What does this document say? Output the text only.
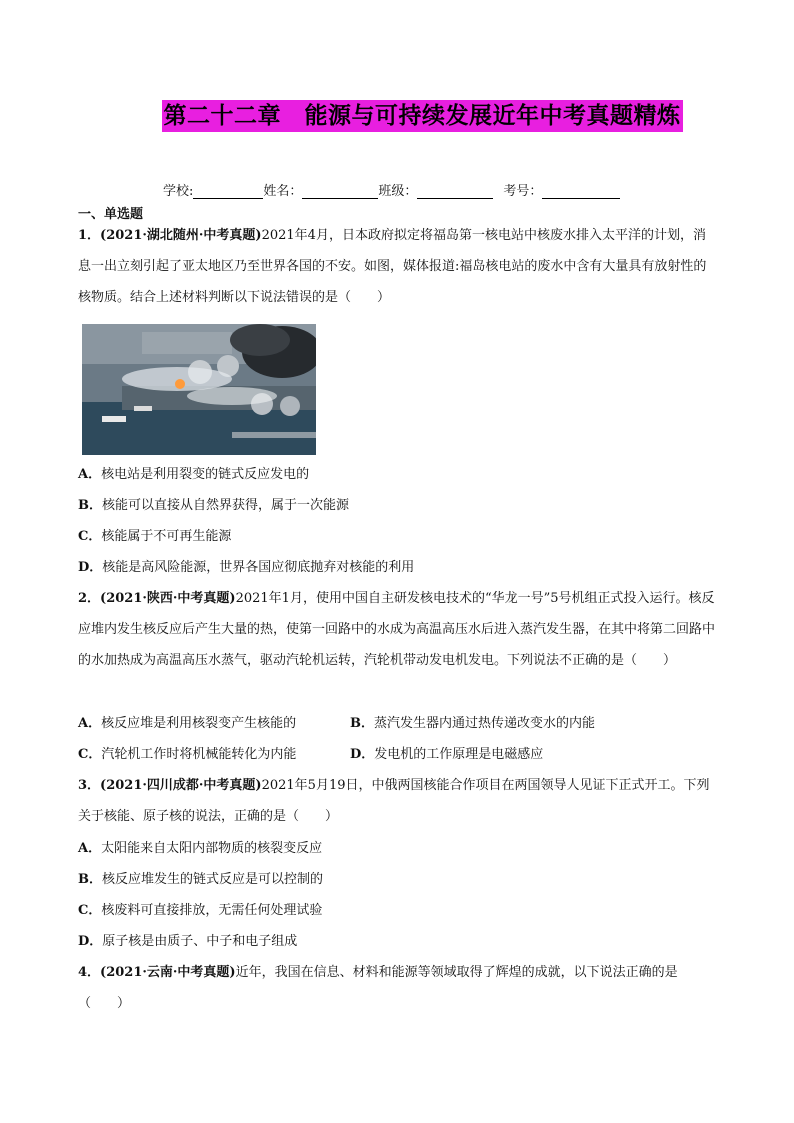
第二十二章　能源与可持续发展近年中考真题精炼
学校:	姓名：	班级：	考号：
一、单选题
1．(2021·湖北随州·中考真题)2021年4月，日本政府拟定将福岛第一核电站中核废水排入太平洋的计划，消息一出立刻引起了亚太地区乃至世界各国的不安。如图，媒体报道:福岛核电站的废水中含有大量具有放射性的核物质。结合上述材料判断以下说法错误的是（　　）
A．核电站是利用裂变的链式反应发电的
B．核能可以直接从自然界获得，属于一次能源
C．核能属于不可再生能源
D．核能是高风险能源，世界各国应彻底抛弃对核能的利用
2．(2021·陕西·中考真题)2021年1月，使用中国自主研发核电技术的“华龙一号”5号机组正式投入运行。核反应堆内发生核反应后产生大量的热，使第一回路中的水成为高温高压水后进入蒸汽发生器，在其中将第二回路中的水加热成为高温高压水蒸气，驱动汽轮机运转，汽轮机带动发电机发电。下列说法不正确的是（　　）
A．核反应堆是利用核裂变产生核能的	B．蒸汽发生器内通过热传递改变水的内能
C．汽轮机工作时将机械能转化为内能	D．发电机的工作原理是电磁感应
3．(2021·四川成都·中考真题)2021年5月19日，中俄两国核能合作项目在两国领导人见证下正式开工。下列关于核能、原子核的说法，正确的是（　　）
A．太阳能来自太阳内部物质的核裂变反应
B．核反应堆发生的链式反应是可以控制的
C．核废料可直接排放，无需任何处理试验
D．原子核是由质子、中子和电子组成
4．(2021·云南·中考真题)近年，我国在信息、材料和能源等领域取得了辉煌的成就，以下说法正确的是（　　）
